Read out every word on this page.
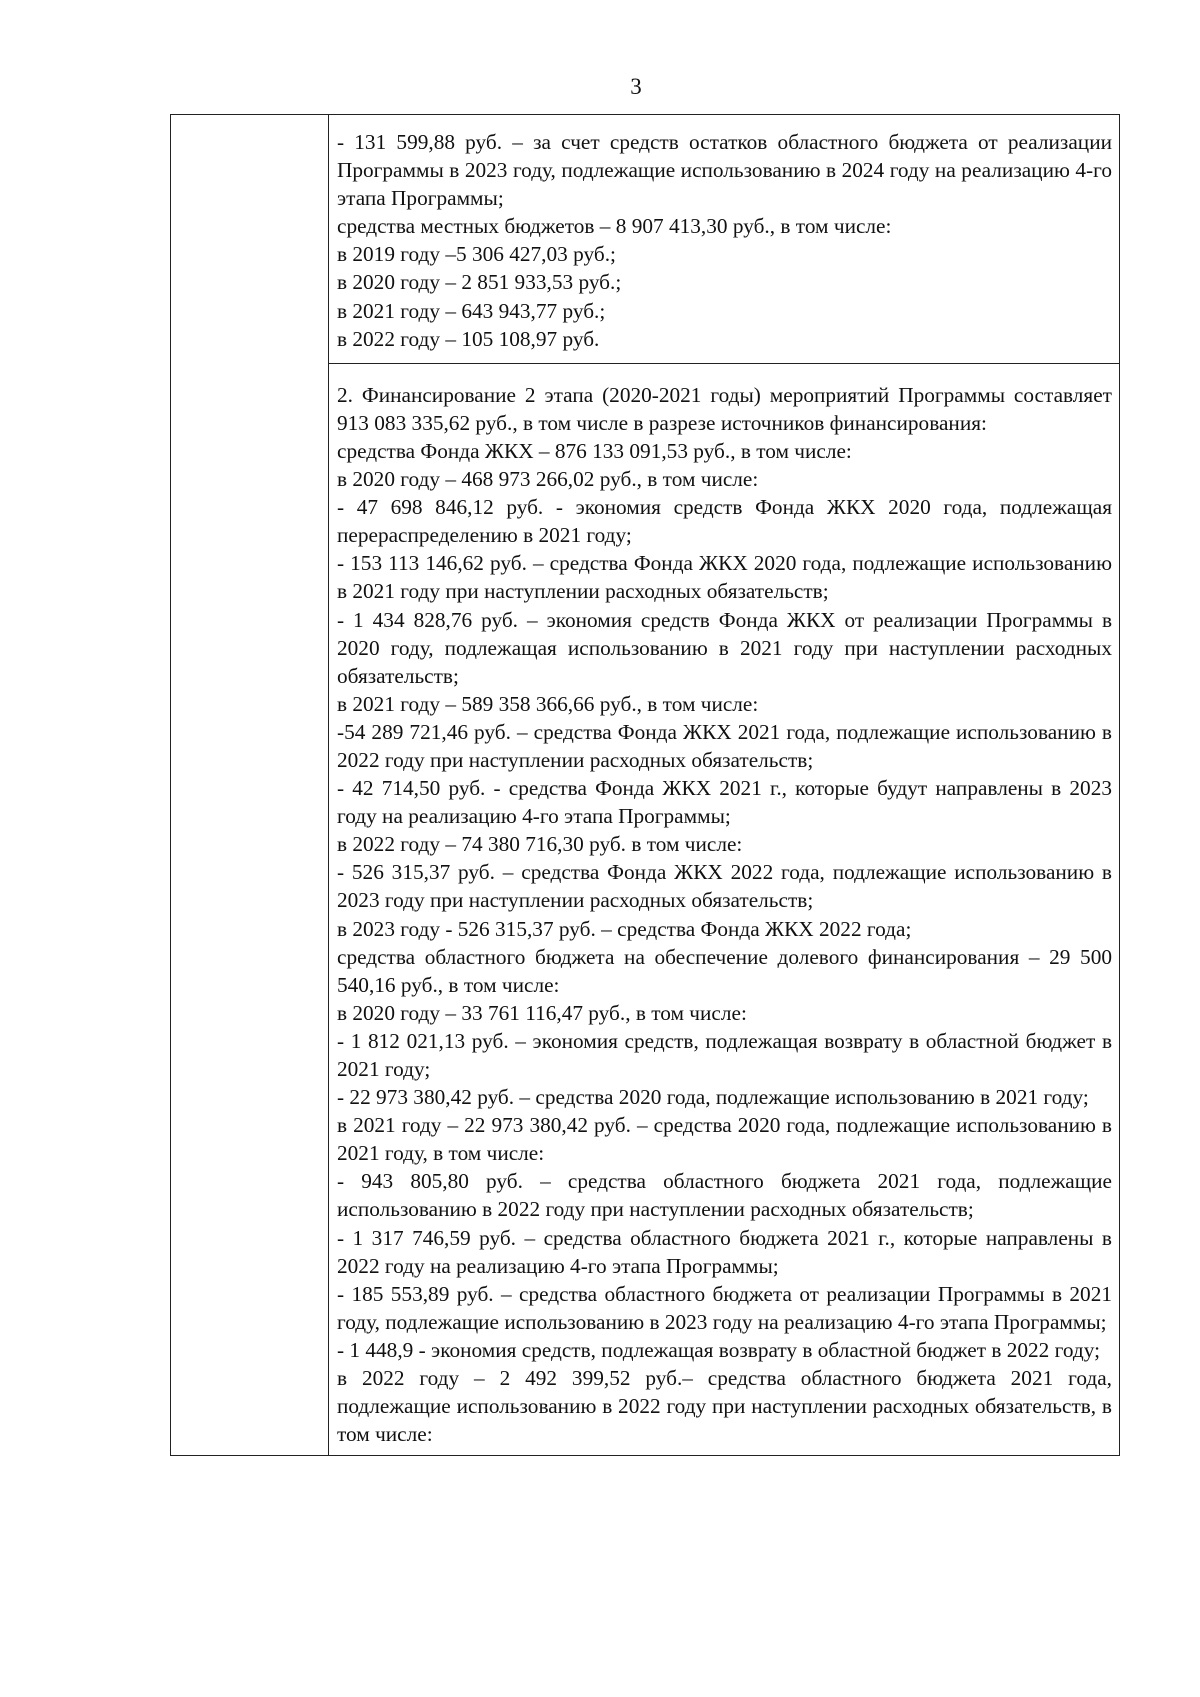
3

- 131 599,88 руб. – за счет средств остатков областного бюджета от реализации Программы в 2023 году, подлежащие использованию в 2024 году на реализацию 4-го этапа Программы;

средства местных бюджетов – 8 907 413,30 руб., в том числе:

в 2019 году –5 306 427,03 руб.;

в 2020 году – 2 851 933,53 руб.;

в 2021 году – 643 943,77 руб.;

в 2022 году – 105 108,97 руб.

2. Финансирование 2 этапа (2020-2021 годы) мероприятий Программы составляет 913 083 335,62 руб., в том числе в разрезе источников финансирования:

средства Фонда ЖКХ – 876 133 091,53 руб., в том числе:

в 2020 году – 468 973 266,02 руб., в том числе:

- 47 698 846,12 руб. - экономия средств Фонда ЖКХ 2020 года, подлежащая перераспределению в 2021 году;

- 153 113 146,62 руб. – средства Фонда ЖКХ 2020 года, подлежащие использованию в 2021 году при наступлении расходных обязательств;

- 1 434 828,76 руб. – экономия средств Фонда ЖКХ от реализации Программы в 2020 году, подлежащая использованию в 2021 году при наступлении расходных обязательств;

в 2021 году – 589 358 366,66 руб., в том числе:

-54 289 721,46 руб. – средства Фонда ЖКХ 2021 года, подлежащие использованию в 2022 году при наступлении расходных обязательств;

- 42 714,50 руб. - средства Фонда ЖКХ 2021 г., которые будут направлены в 2023 году на реализацию 4-го этапа Программы;

в 2022 году – 74 380 716,30 руб. в том числе:

- 526 315,37 руб. – средства Фонда ЖКХ 2022 года, подлежащие использованию в 2023 году при наступлении расходных обязательств;

в 2023 году - 526 315,37 руб. – средства Фонда ЖКХ 2022 года;

средства областного бюджета на обеспечение долевого финансирования – 29 500 540,16 руб., в том числе:

в 2020 году – 33 761 116,47 руб., в том числе:

- 1 812 021,13 руб. – экономия средств, подлежащая возврату в областной бюджет в 2021 году;

- 22 973 380,42 руб. – средства 2020 года, подлежащие использованию в 2021 году;

в 2021 году – 22 973 380,42 руб. – средства 2020 года, подлежащие использованию в 2021 году, в том числе:

- 943 805,80 руб. – средства областного бюджета 2021 года, подлежащие использованию в 2022 году при наступлении расходных обязательств;

- 1 317 746,59 руб. – средства областного бюджета 2021 г., которые направлены в 2022 году на реализацию 4-го этапа Программы;

- 185 553,89 руб. – средства областного бюджета от реализации Программы в 2021 году, подлежащие использованию в 2023 году на реализацию 4-го этапа Программы;

- 1 448,9 - экономия средств, подлежащая возврату в областной бюджет в 2022 году;

в 2022 году – 2 492 399,52 руб.– средства областного бюджета 2021 года, подлежащие использованию в 2022 году при наступлении расходных обязательств, в том числе:
